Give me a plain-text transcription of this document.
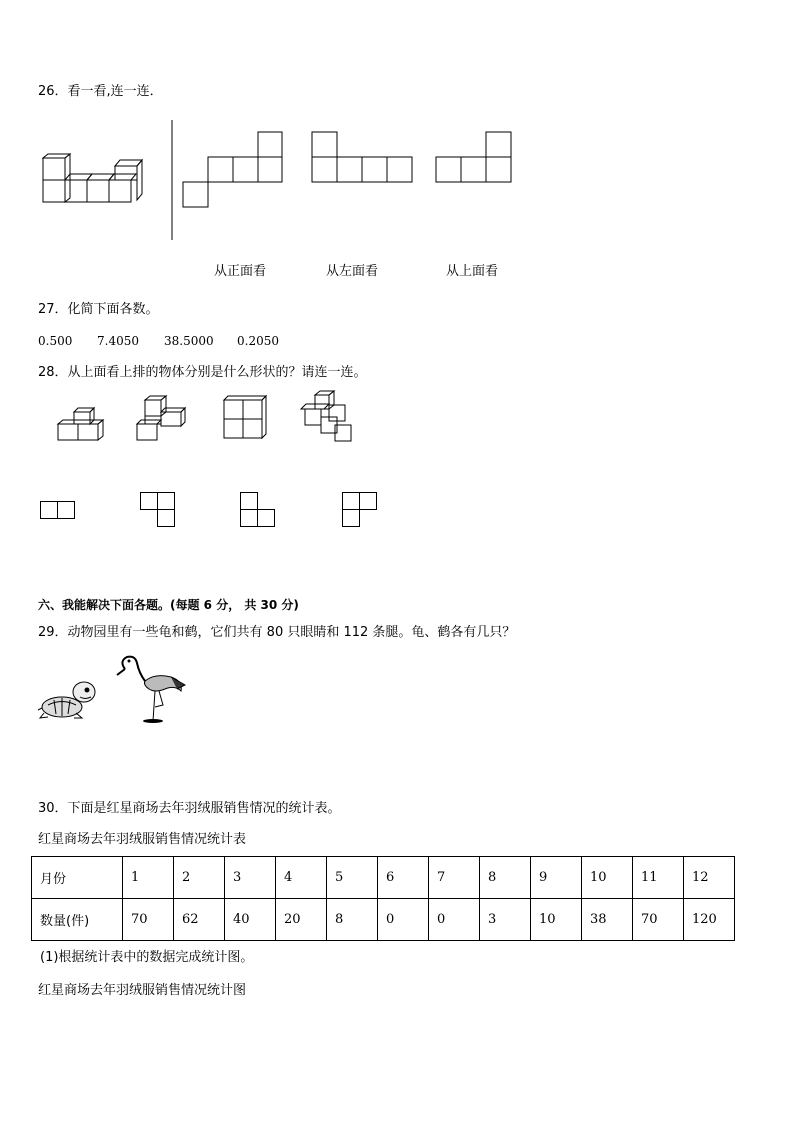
26．看一看,连一连．
从正面看	从左面看	从上面看
27．化简下面各数。
0.500 7.4050 38.5000 0.2050
28．从上面看上排的物体分别是什么形状的？请连一连。
六、我能解决下面各题。(每题 6 分， 共 30 分)
29．动物园里有一些龟和鹤，它们共有 80 只眼睛和 112 条腿。龟、鹤各有几只？
30．下面是红星商场去年羽绒服销售情况的统计表。
红星商场去年羽绒服销售情况统计表
月份	1	2	3	4	5	6	7	8	9	10	11	12
数量(件)	70	62	40	20	8	0	0	3	10	38	70	120
(1)根据统计表中的数据完成统计图。
红星商场去年羽绒服销售情况统计图
